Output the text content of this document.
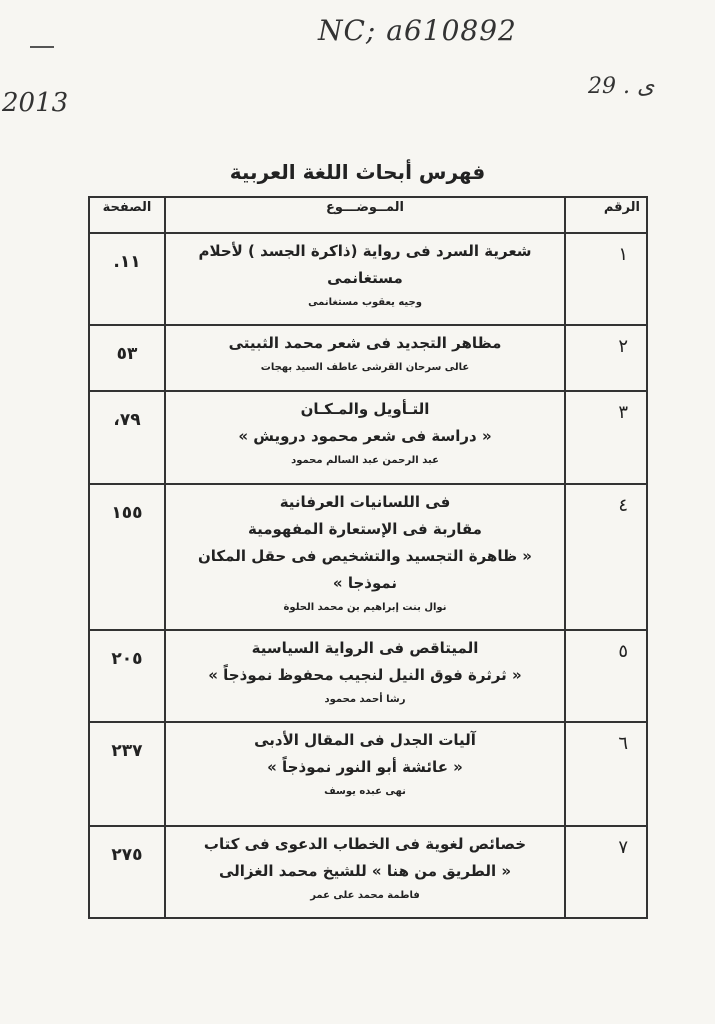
NC; a610892
2013
29 . ى
فهرس أبحاث اللغة العربية
الرقم	المــوضـــوع	الصفحة
١	شعرية السرد فى رواية (ذاكرة الجسد ) لأحلام مستغانمى
وجيه يعقوب مستغانمى	١١.
٢	مظاهر التجديد فى شعر محمد الثبيتى
عالى سرحان القرشى عاطف السيد بهجات	٥٣
٣	التـأويل والمـكـان
« دراسة فى شعر محمود درويش »
عبد الرحمن عبد السالم محمود	٧٩،
٤	فى اللسانيات العرفانية
مقاربة فى الإستعارة المفهومية
« ظاهرة التجسيد والتشخيص فى حقل المكان نموذجا »
نوال بنت إبراهيم بن محمد الحلوة	١٥٥
٥	الميتاقص فى الرواية السياسية
« ثرثرة فوق النيل لنجيب محفوظ نموذجاً »
رشا أحمد محمود	٢٠٥
٦	آليات الجدل فى المقال الأدبى
« عائشة أبو النور نموذجاً »
نهى عبده يوسف	٢٣٧
٧	خصائص لغوية فى الخطاب الدعوى فى كتاب
« الطريق من هنا » للشيخ محمد الغزالى
فاطمة محمد على عمر	٢٧٥
